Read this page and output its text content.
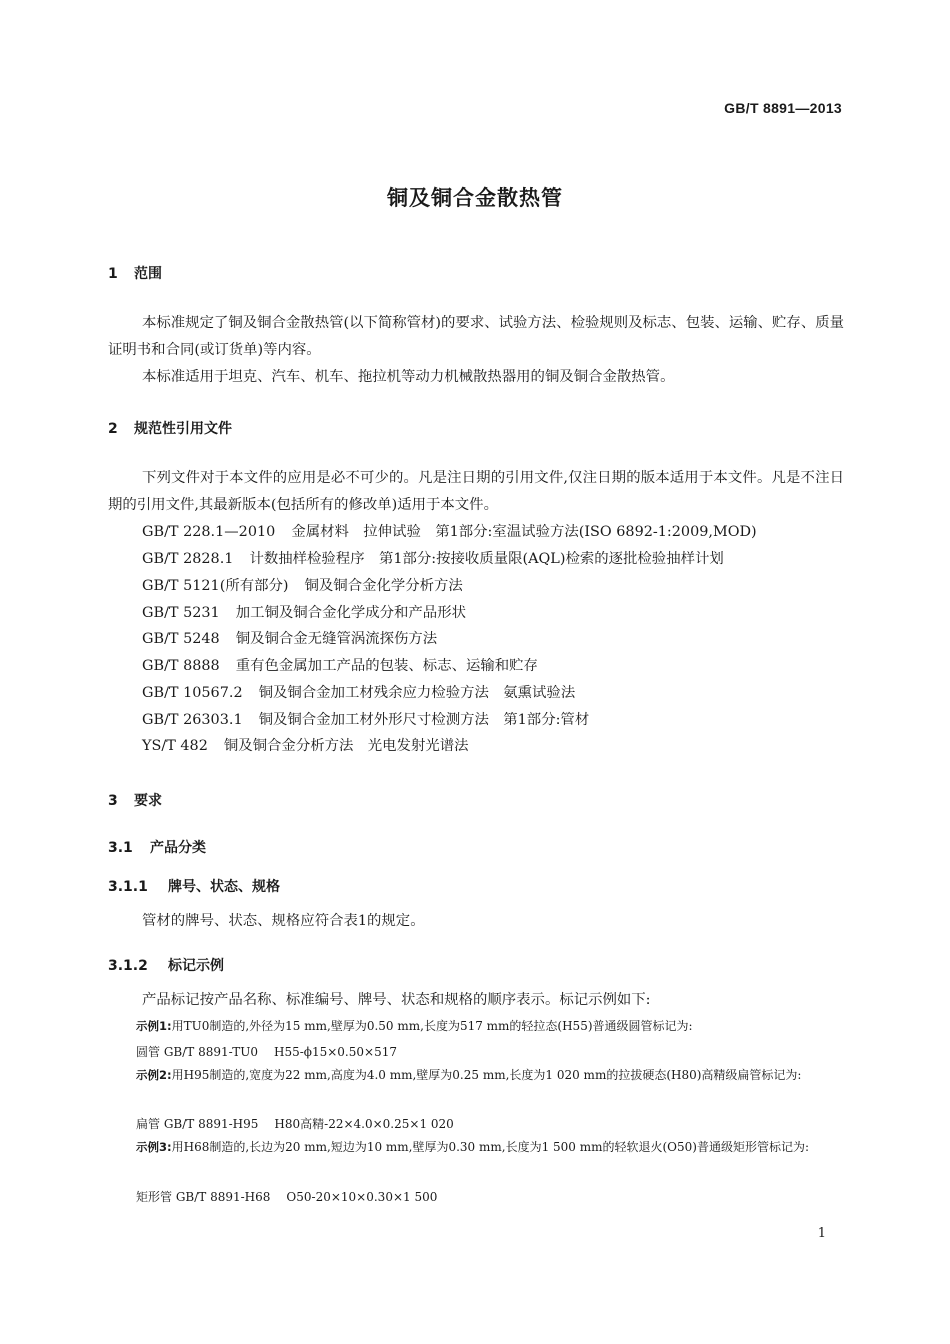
GB/T 8891—2013
铜及铜合金散热管
1 范围
本标准规定了铜及铜合金散热管(以下简称管材)的要求、试验方法、检验规则及标志、包装、运输、贮存、质量证明书和合同(或订货单)等内容。
本标准适用于坦克、汽车、机车、拖拉机等动力机械散热器用的铜及铜合金散热管。
2 规范性引用文件
下列文件对于本文件的应用是必不可少的。凡是注日期的引用文件,仅注日期的版本适用于本文件。凡是不注日期的引用文件,其最新版本(包括所有的修改单)适用于本文件。
GB/T 228.1—2010 金属材料　拉伸试验　第1部分:室温试验方法(ISO 6892-1:2009,MOD)
GB/T 2828.1 计数抽样检验程序　第1部分:按接收质量限(AQL)检索的逐批检验抽样计划
GB/T 5121(所有部分) 铜及铜合金化学分析方法
GB/T 5231 加工铜及铜合金化学成分和产品形状
GB/T 5248 铜及铜合金无缝管涡流探伤方法
GB/T 8888 重有色金属加工产品的包装、标志、运输和贮存
GB/T 10567.2 铜及铜合金加工材残余应力检验方法　氨熏试验法
GB/T 26303.1 铜及铜合金加工材外形尺寸检测方法　第1部分:管材
YS/T 482 铜及铜合金分析方法　光电发射光谱法
3 要求
3.1 产品分类
3.1.1 牌号、状态、规格
管材的牌号、状态、规格应符合表1的规定。
3.1.2 标记示例
产品标记按产品名称、标准编号、牌号、状态和规格的顺序表示。标记示例如下:
示例1:用TU0制造的,外径为15 mm,壁厚为0.50 mm,长度为517 mm的轻拉态(H55)普通级圆管标记为:
圆管 GB/T 8891-TU0 H55-ϕ15×0.50×517
示例2:用H95制造的,宽度为22 mm,高度为4.0 mm,壁厚为0.25 mm,长度为1 020 mm的拉拔硬态(H80)高精级扁管标记为:
扁管 GB/T 8891-H95 H80高精-22×4.0×0.25×1 020
示例3:用H68制造的,长边为20 mm,短边为10 mm,壁厚为0.30 mm,长度为1 500 mm的轻软退火(O50)普通级矩形管标记为:
矩形管 GB/T 8891-H68 O50-20×10×0.30×1 500
1
